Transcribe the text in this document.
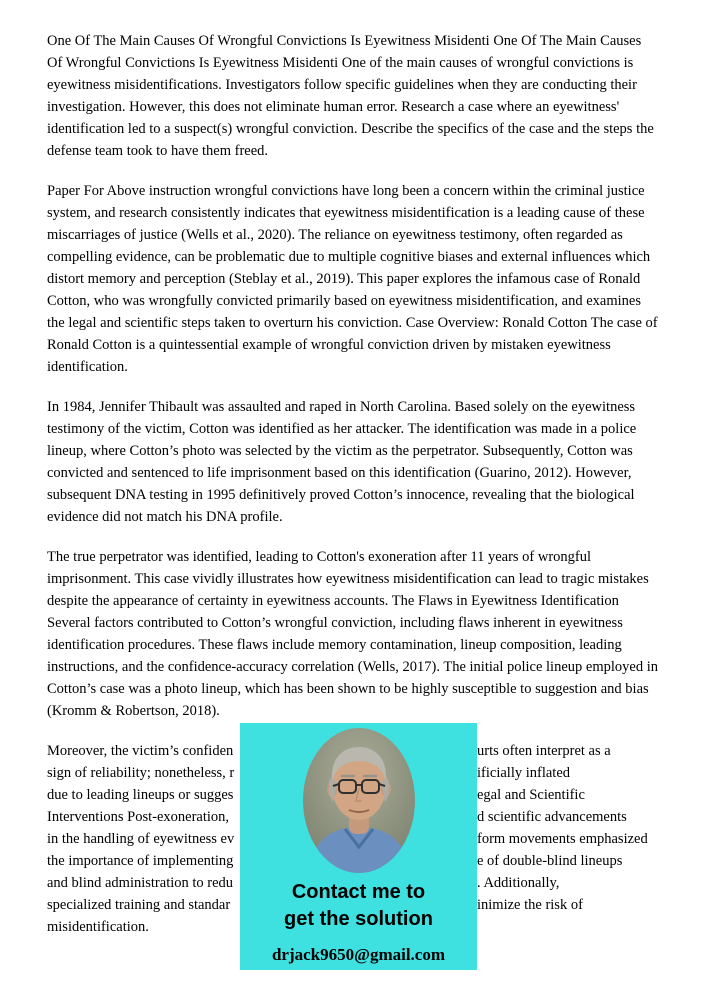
One Of The Main Causes Of Wrongful Convictions Is Eyewitness Misidenti One Of The Main Causes Of Wrongful Convictions Is Eyewitness Misidenti One of the main causes of wrongful convictions is eyewitness misidentifications. Investigators follow specific guidelines when they are conducting their investigation. However, this does not eliminate human error. Research a case where an eyewitness' identification led to a suspect(s) wrongful conviction. Describe the specifics of the case and the steps the defense team took to have them freed.

Paper For Above instruction wrongful convictions have long been a concern within the criminal justice system, and research consistently indicates that eyewitness misidentification is a leading cause of these miscarriages of justice (Wells et al., 2020). The reliance on eyewitness testimony, often regarded as compelling evidence, can be problematic due to multiple cognitive biases and external influences which distort memory and perception (Steblay et al., 2019). This paper explores the infamous case of Ronald Cotton, who was wrongfully convicted primarily based on eyewitness misidentification, and examines the legal and scientific steps taken to overturn his conviction. Case Overview: Ronald Cotton The case of Ronald Cotton is a quintessential example of wrongful conviction driven by mistaken eyewitness identification.

In 1984, Jennifer Thibault was assaulted and raped in North Carolina. Based solely on the eyewitness testimony of the victim, Cotton was identified as her attacker. The identification was made in a police lineup, where Cotton’s photo was selected by the victim as the perpetrator. Subsequently, Cotton was convicted and sentenced to life imprisonment based on this identification (Guarino, 2012). However, subsequent DNA testing in 1995 definitively proved Cotton’s innocence, revealing that the biological evidence did not match his DNA profile.

The true perpetrator was identified, leading to Cotton's exoneration after 11 years of wrongful imprisonment. This case vividly illustrates how eyewitness misidentification can lead to tragic mistakes despite the appearance of certainty in eyewitness accounts. The Flaws in Eyewitness Identification Several factors contributed to Cotton’s wrongful conviction, including flaws inherent in eyewitness identification procedures. These flaws include memory contamination, lineup composition, leading instructions, and the confidence-accuracy correlation (Wells, 2017). The initial police lineup employed in Cotton’s case was a photo lineup, which has been shown to be highly susceptible to suggestion and bias (Kromm & Robertson, 2018).

Moreover, the victim’s confiden	urts often interpret as a
sign of reliability; nonetheless, r	ificially inflated
due to leading lineups or sugges	egal and Scientific
Interventions Post-exoneration,	d scientific advancements
in the handling of eyewitness ev	form movements emphasized
the importance of implementing	e of double-blind lineups
and blind administration to redu	. Additionally,
specialized training and standar	inimize the risk of
misidentification.
Contact me to
get the solution
drjack9650@gmail.com
